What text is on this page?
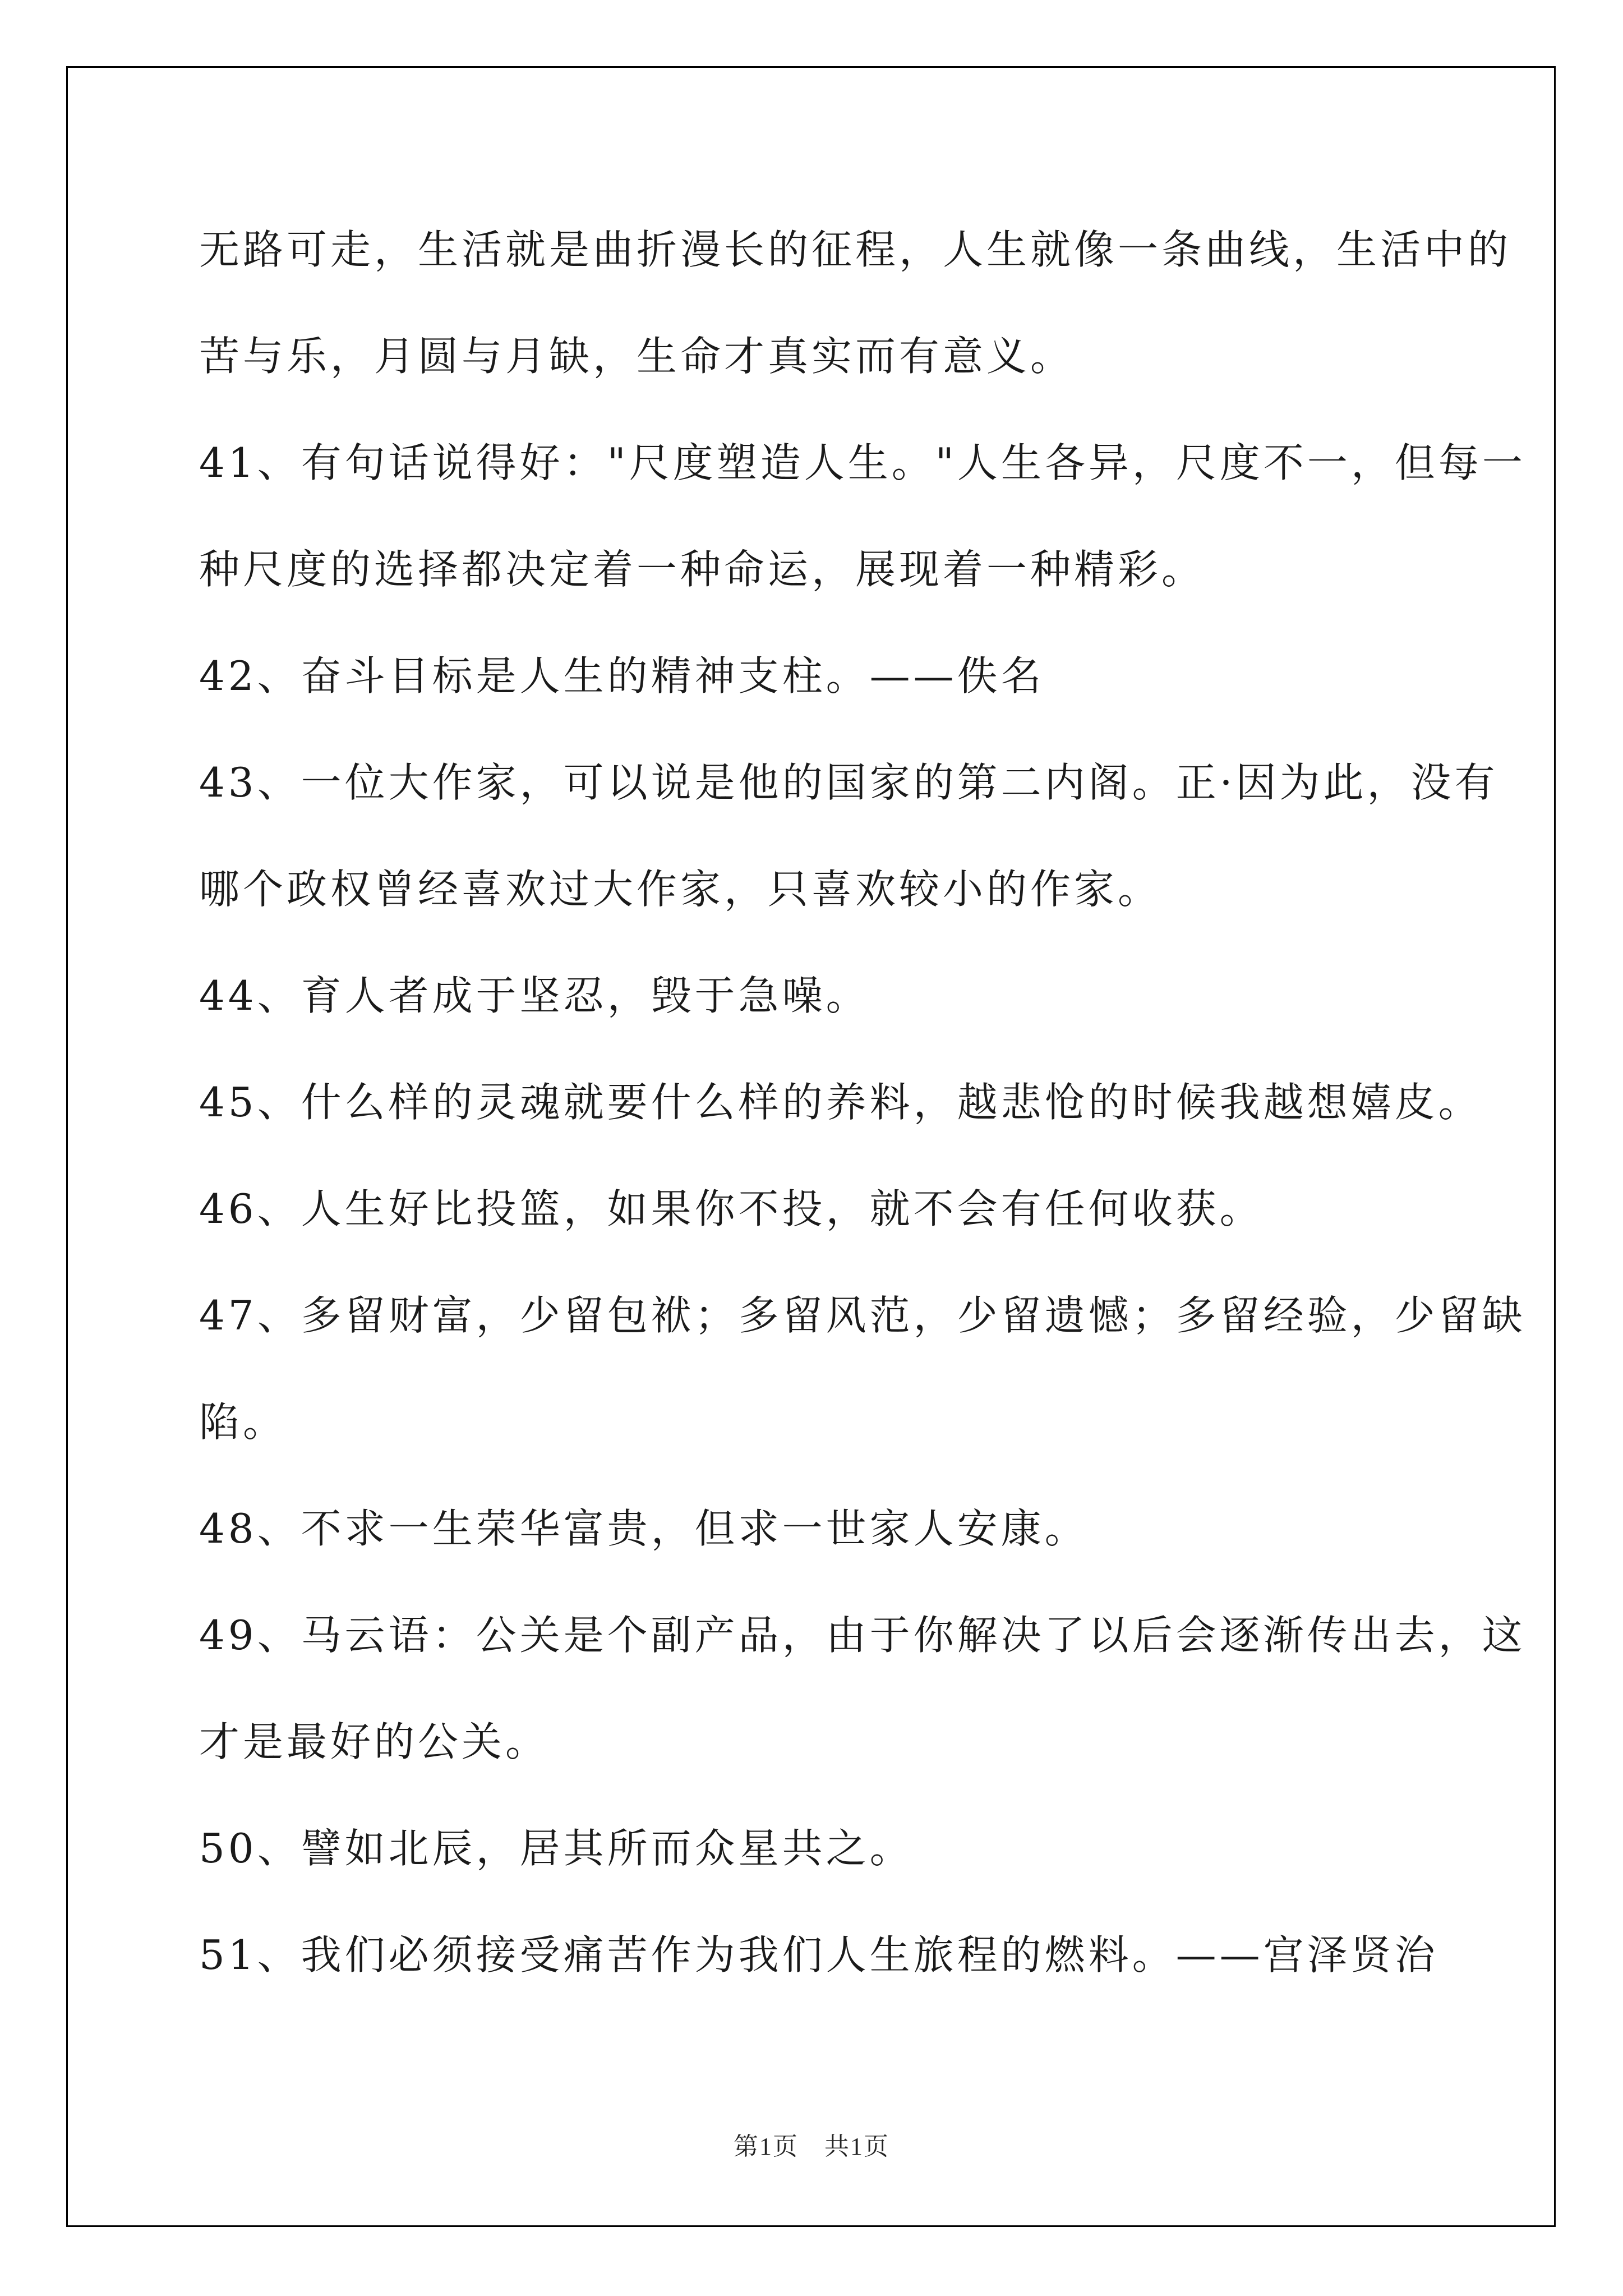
无路可走，生活就是曲折漫长的征程，人生就像一条曲线，生活中的
苦与乐，月圆与月缺，生命才真实而有意义。
41、有句话说得好："尺度塑造人生。"人生各异，尺度不一，但每一
种尺度的选择都决定着一种命运，展现着一种精彩。
42、奋斗目标是人生的精神支柱。——佚名
43、一位大作家，可以说是他的国家的第二内阁。正·因为此，没有
哪个政权曾经喜欢过大作家，只喜欢较小的作家。
44、育人者成于坚忍，毁于急噪。
45、什么样的灵魂就要什么样的养料，越悲怆的时候我越想嬉皮。
46、人生好比投篮，如果你不投，就不会有任何收获。
47、多留财富，少留包袱；多留风范，少留遗憾；多留经验，少留缺
陷。
48、不求一生荣华富贵，但求一世家人安康。
49、马云语：公关是个副产品，由于你解决了以后会逐渐传出去，这
才是最好的公关。
50、譬如北辰，居其所而众星共之。
51、我们必须接受痛苦作为我们人生旅程的燃料。——宫泽贤治
第1页 共1页
